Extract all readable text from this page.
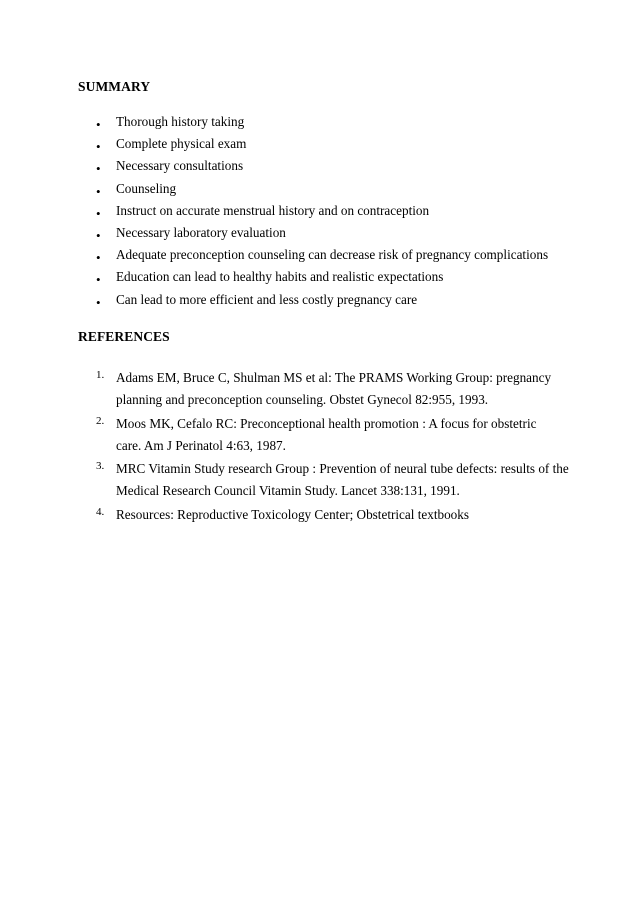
SUMMARY
• Thorough history taking
• Complete physical exam
• Necessary consultations
• Counseling
• Instruct on accurate menstrual history and on contraception
• Necessary laboratory evaluation
• Adequate preconception counseling can decrease risk of pregnancy complications
• Education can lead to healthy habits and realistic expectations
• Can lead to more efficient and less costly pregnancy care
REFERENCES
1. Adams EM, Bruce C, Shulman MS et al: The PRAMS Working Group: pregnancy
planning and preconception counseling. Obstet Gynecol 82:955, 1993.
2. Moos MK, Cefalo RC: Preconceptional health promotion : A focus for obstetric
care. Am J Perinatol 4:63, 1987.
3. MRC Vitamin Study research Group : Prevention of neural tube defects: results of the
Medical Research Council Vitamin Study. Lancet 338:131, 1991.
4. Resources: Reproductive Toxicology Center; Obstetrical textbooks
